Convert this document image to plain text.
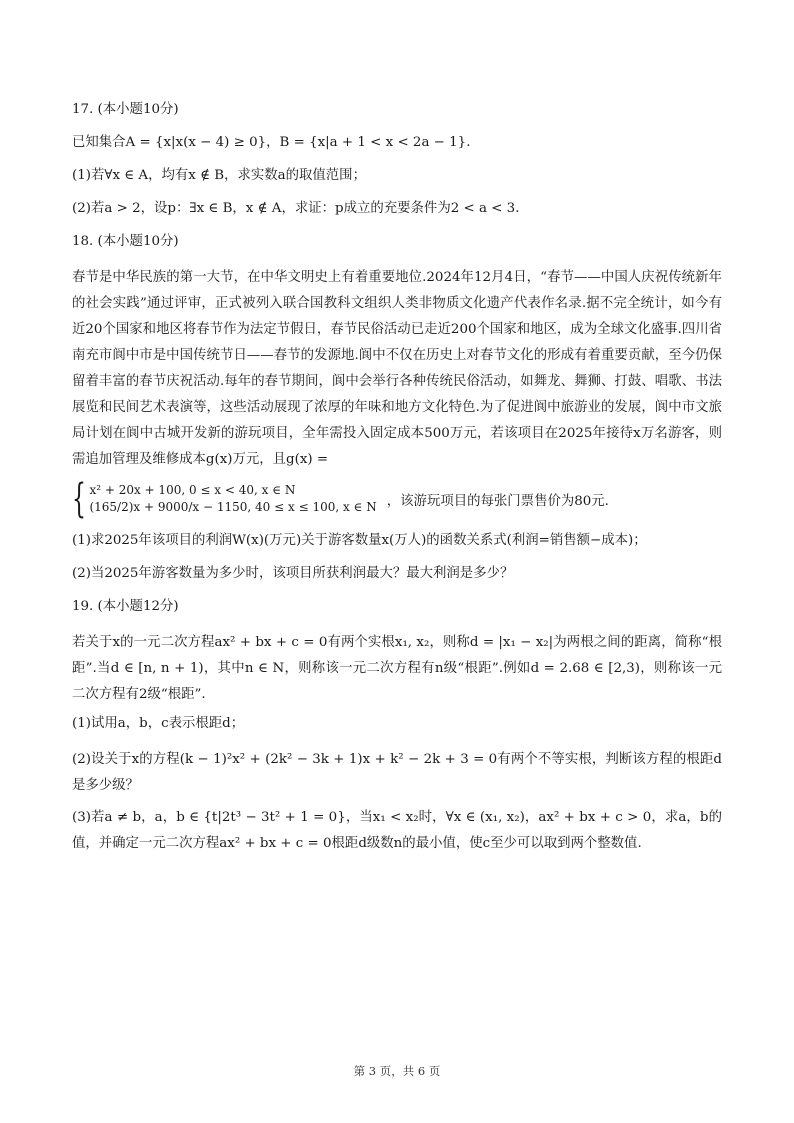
17. (本小题10分)
已知集合A = {x|x(x − 4) ≥ 0}，B = {x|a + 1 < x < 2a − 1}.
(1)若∀x ∈ A，均有x ∉ B，求实数a的取值范围；
(2)若a > 2，设p：∃x ∈ B，x ∉ A，求证：p成立的充要条件为2 < a < 3.
18. (本小题10分)
春节是中华民族的第一大节，在中华文明史上有着重要地位.2024年12月4日，“春节——中国人庆祝传统新年的社会实践”通过评审，正式被列入联合国教科文组织人类非物质文化遗产代表作名录.据不完全统计，如今有近20个国家和地区将春节作为法定节假日，春节民俗活动已走近200个国家和地区，成为全球文化盛事.四川省南充市阆中市是中国传统节日——春节的发源地.阆中不仅在历史上对春节文化的形成有着重要贡献，至今仍保留着丰富的春节庆祝活动.每年的春节期间，阆中会举行各种传统民俗活动，如舞龙、舞狮、打鼓、唱歌、书法展览和民间艺术表演等，这些活动展现了浓厚的年味和地方文化特色.为了促进阆中旅游业的发展，阆中市文旅局计划在阆中古城开发新的游玩项目，全年需投入固定成本500万元，若该项目在2025年接待x万名游客，则需追加管理及维修成本g(x)万元，且g(x) =
{ x² + 20x + 100, 0 ≤ x < 40, x ∈ N
(165/2)x + 9000/x − 1150, 40 ≤ x ≤ 100, x ∈ N ，该游玩项目的每张门票售价为80元.
(1)求2025年该项目的利润W(x)(万元)关于游客数量x(万人)的函数关系式(利润=销售额−成本)；
(2)当2025年游客数量为多少时，该项目所获利润最大？最大利润是多少？
19. (本小题12分)
若关于x的一元二次方程ax² + bx + c = 0有两个实根x₁, x₂，则称d = |x₁ − x₂|为两根之间的距离，简称“根距”.当d ∈ [n, n + 1)，其中n ∈ N，则称该一元二次方程有n级“根距”.例如d = 2.68 ∈ [2,3)，则称该一元二次方程有2级“根距”.
(1)试用a，b，c表示根距d；
(2)设关于x的方程(k − 1)²x² + (2k² − 3k + 1)x + k² − 2k + 3 = 0有两个不等实根，判断该方程的根距d是多少级？
(3)若a ≠ b，a，b ∈ {t|2t³ − 3t² + 1 = 0}，当x₁ < x₂时，∀x ∈ (x₁, x₂)，ax² + bx + c > 0，求a，b的值，并确定一元二次方程ax² + bx + c = 0根距d级数n的最小值，使c至少可以取到两个整数值.
第 3 页，共 6 页
